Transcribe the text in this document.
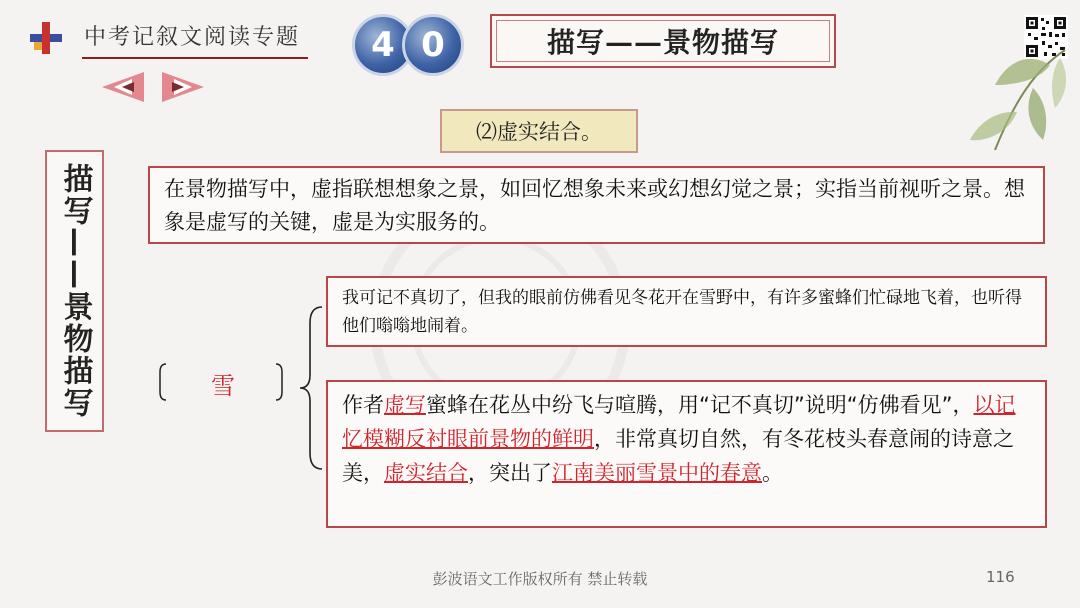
中考记叙文阅读专题	4 0	描写——景物描写
⑵虚实结合。
描写——景物描写	在景物描写中，虚指联想想象之景，如回忆想象未来或幻想幻觉之景；实指当前视听之景。想象是虚写的关键，虚是为实服务的。
雪
我可记不真切了，但我的眼前仿佛看见冬花开在雪野中，有许多蜜蜂们忙碌地飞着，也听得他们嗡嗡地闹着。
作者虚写蜜蜂在花丛中纷飞与喧腾，用“记不真切”说明“仿佛看见”，以记忆模糊反衬眼前景物的鲜明，非常真切自然，有冬花枝头春意闹的诗意之美，虚实结合，突出了江南美丽雪景中的春意。
彭波语文工作版权所有 禁止转载	116
